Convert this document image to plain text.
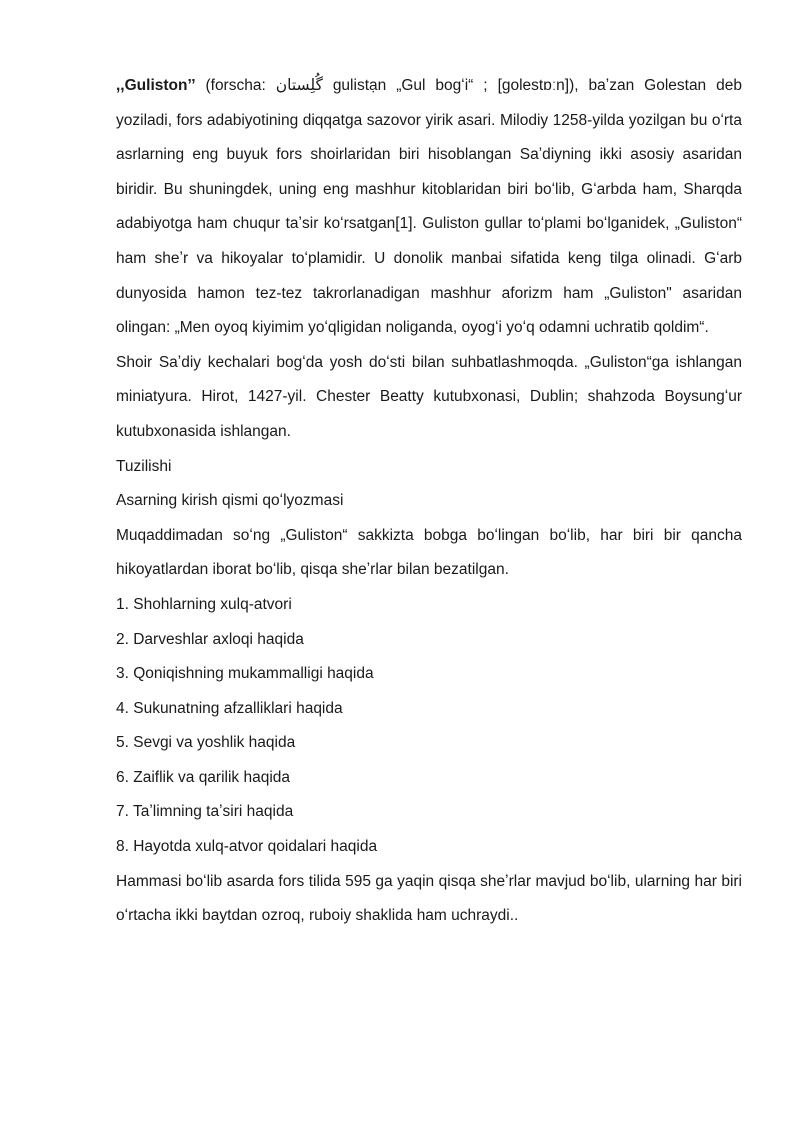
,,Guliston’’ (forscha: گُلِستان gulistạn „Gul bogʻi“ ; [golestɒːn]), baʼzan Golestan deb yoziladi, fors adabiyotining diqqatga sazovor yirik asari. Milodiy 1258-yilda yozilgan bu oʻrta asrlarning eng buyuk fors shoirlaridan biri hisoblangan Saʼdiyning ikki asosiy asaridan biridir. Bu shuningdek, uning eng mashhur kitoblaridan biri boʻlib, Gʻarbda ham, Sharqda adabiyotga ham chuqur taʼsir koʻrsatgan[1]. Guliston gullar toʻplami boʻlganidek, „Guliston“ ham sheʼr va hikoyalar toʻplamidir. U donolik manbai sifatida keng tilga olinadi. Gʻarb dunyosida hamon tez-tez takrorlanadigan mashhur aforizm ham „Guliston" asaridan olingan: „Men oyoq kiyimim yoʻqligidan noliganda, oyogʻi yoʻq odamni uchratib qoldim“.

Shoir Saʼdiy kechalari bogʻda yosh doʻsti bilan suhbatlashmoqda. „Guliston“ga ishlangan miniatyura. Hirot, 1427-yil. Chester Beatty kutubxonasi, Dublin; shahzoda Boysungʻur kutubxonasida ishlangan.

Tuzilishi

Asarning kirish qismi qoʻlyozmasi

Muqaddimadan soʻng „Guliston“ sakkizta bobga boʻlingan boʻlib, har biri bir qancha hikoyatlardan iborat boʻlib, qisqa sheʼrlar bilan bezatilgan.

1. Shohlarning xulq-atvori

2. Darveshlar axloqi haqida

3. Qoniqishning mukammalligi haqida

4. Sukunatning afzalliklari haqida

5. Sevgi va yoshlik haqida

6. Zaiflik va qarilik haqida

7. Taʼlimning taʼsiri haqida

8. Hayotda xulq-atvor qoidalari haqida

Hammasi boʻlib asarda fors tilida 595 ga yaqin qisqa sheʼrlar mavjud boʻlib, ularning har biri oʻrtacha ikki baytdan ozroq, ruboiy shaklida ham uchraydi..
